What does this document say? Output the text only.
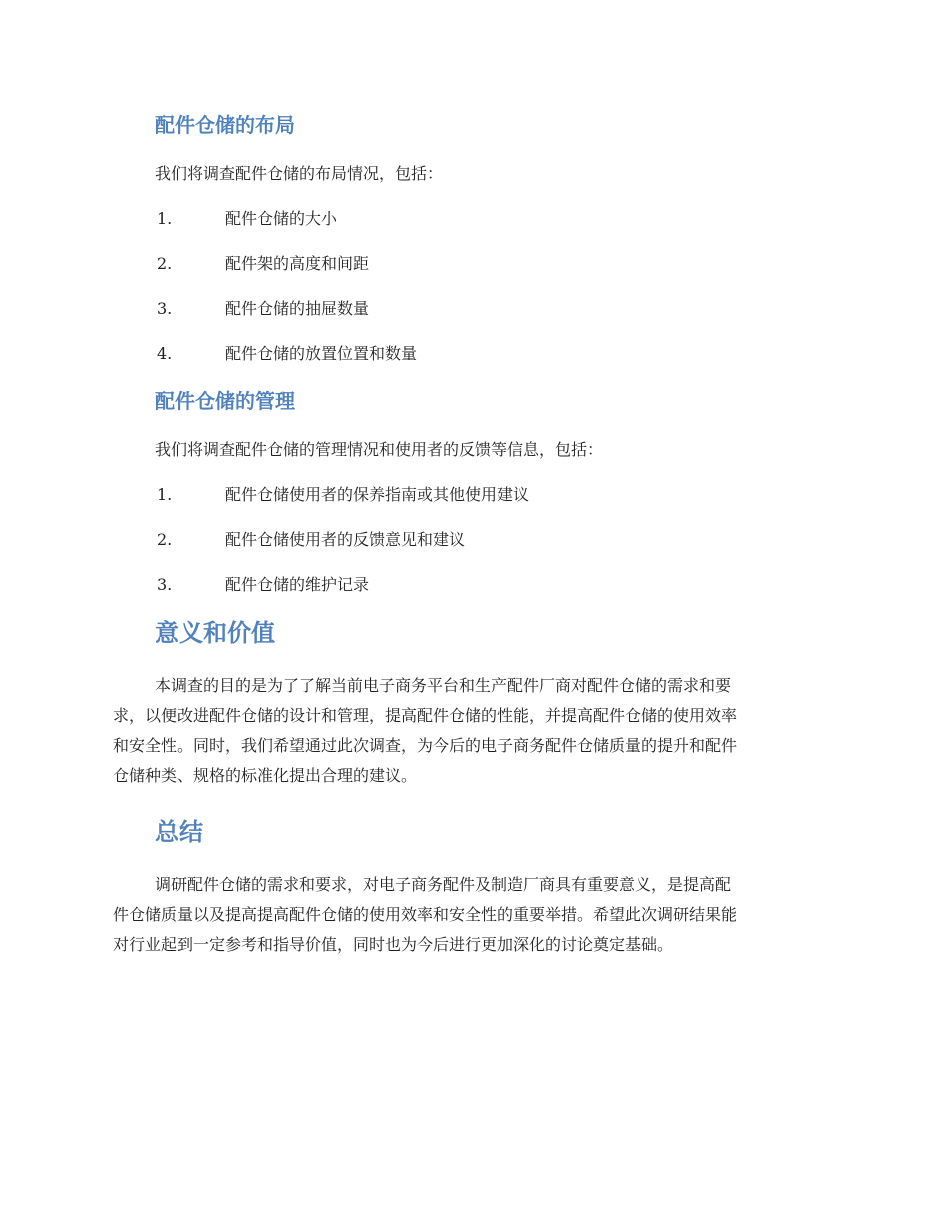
配件仓储的布局

我们将调查配件仓储的布局情况，包括：

1.	配件仓储的大小
2.	配件架的高度和间距
3.	配件仓储的抽屉数量
4.	配件仓储的放置位置和数量
配件仓储的管理

我们将调查配件仓储的管理情况和使用者的反馈等信息，包括：

1.	配件仓储使用者的保养指南或其他使用建议
2.	配件仓储使用者的反馈意见和建议
3.	配件仓储的维护记录
意义和价值
本调查的目的是为了了解当前电子商务平台和生产配件厂商对配件仓储的需求和要
求，以便改进配件仓储的设计和管理，提高配件仓储的性能，并提高配件仓储的使用效率
和安全性。同时，我们希望通过此次调查，为今后的电子商务配件仓储质量的提升和配件
仓储种类、规格的标准化提出合理的建议。
总结
调研配件仓储的需求和要求，对电子商务配件及制造厂商具有重要意义，是提高配
件仓储质量以及提高提高配件仓储的使用效率和安全性的重要举措。希望此次调研结果能
对行业起到一定参考和指导价值，同时也为今后进行更加深化的讨论奠定基础。
